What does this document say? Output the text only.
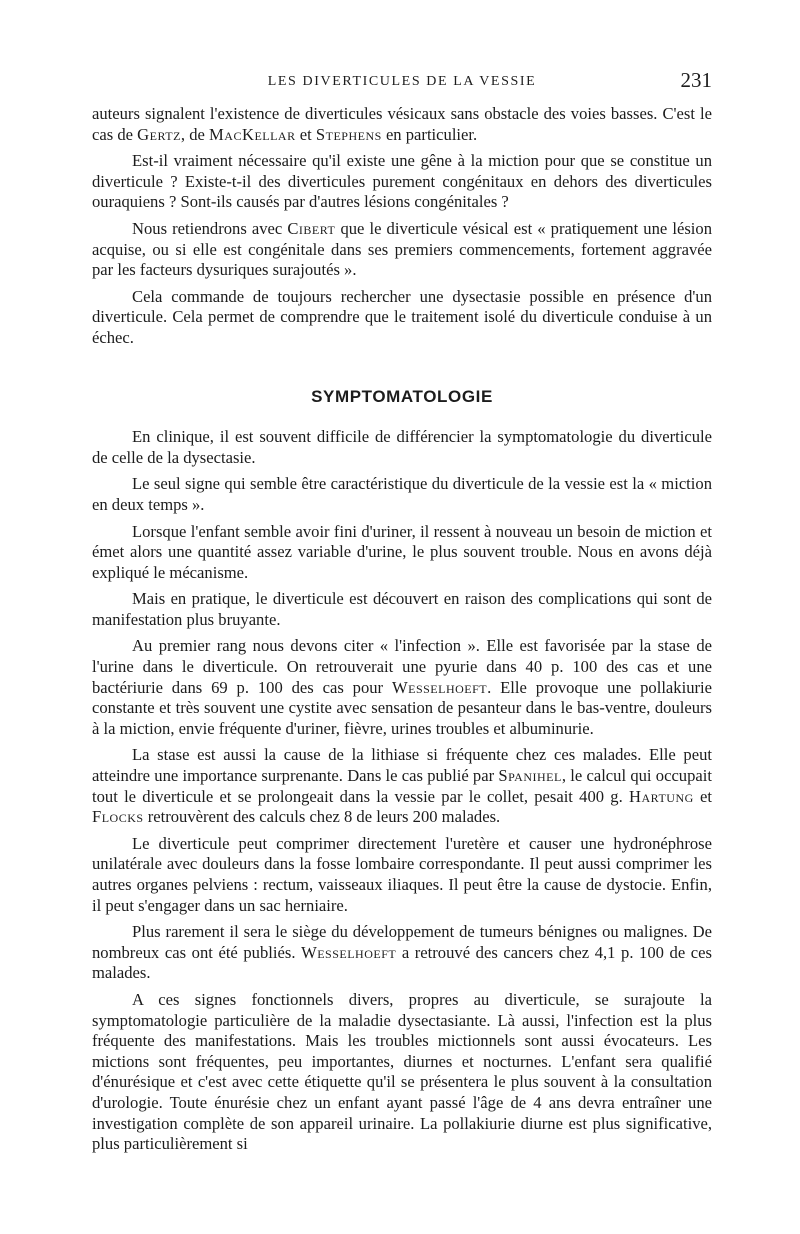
LES DIVERTICULES DE LA VESSIE	231

auteurs signalent l'existence de diverticules vésicaux sans obstacle des voies basses. C'est le cas de Gertz, de MacKellar et Stephens en particulier.

Est-il vraiment nécessaire qu'il existe une gêne à la miction pour que se constitue un diverticule ? Existe-t-il des diverticules purement congénitaux en dehors des diverticules ouraquiens ? Sont-ils causés par d'autres lésions congénitales ?

Nous retiendrons avec Cibert que le diverticule vésical est « pratiquement une lésion acquise, ou si elle est congénitale dans ses premiers commencements, fortement aggravée par les facteurs dysuriques surajoutés ».

Cela commande de toujours rechercher une dysectasie possible en présence d'un diverticule. Cela permet de comprendre que le traitement isolé du diverticule conduise à un échec.

SYMPTOMATOLOGIE

En clinique, il est souvent difficile de différencier la symptomatologie du diverticule de celle de la dysectasie.

Le seul signe qui semble être caractéristique du diverticule de la vessie est la « miction en deux temps ».

Lorsque l'enfant semble avoir fini d'uriner, il ressent à nouveau un besoin de miction et émet alors une quantité assez variable d'urine, le plus souvent trouble. Nous en avons déjà expliqué le mécanisme.

Mais en pratique, le diverticule est découvert en raison des complications qui sont de manifestation plus bruyante.

Au premier rang nous devons citer « l'infection ». Elle est favorisée par la stase de l'urine dans le diverticule. On retrouverait une pyurie dans 40 p. 100 des cas et une bactériurie dans 69 p. 100 des cas pour Wesselhoeft. Elle provoque une pollakiurie constante et très souvent une cystite avec sensation de pesanteur dans le bas-ventre, douleurs à la miction, envie fréquente d'uriner, fièvre, urines troubles et albuminurie.

La stase est aussi la cause de la lithiase si fréquente chez ces malades. Elle peut atteindre une importance surprenante. Dans le cas publié par Spanihel, le calcul qui occupait tout le diverticule et se prolongeait dans la vessie par le collet, pesait 400 g. Hartung et Flocks retrouvèrent des calculs chez 8 de leurs 200 malades.

Le diverticule peut comprimer directement l'uretère et causer une hydronéphrose unilatérale avec douleurs dans la fosse lombaire correspondante. Il peut aussi comprimer les autres organes pelviens : rectum, vaisseaux iliaques. Il peut être la cause de dystocie. Enfin, il peut s'engager dans un sac herniaire.

Plus rarement il sera le siège du développement de tumeurs bénignes ou malignes. De nombreux cas ont été publiés. Wesselhoeft a retrouvé des cancers chez 4,1 p. 100 de ces malades.

A ces signes fonctionnels divers, propres au diverticule, se surajoute la symptomatologie particulière de la maladie dysectasiante. Là aussi, l'infection est la plus fréquente des manifestations. Mais les troubles mictionnels sont aussi évocateurs. Les mictions sont fréquentes, peu importantes, diurnes et nocturnes. L'enfant sera qualifié d'énurésique et c'est avec cette étiquette qu'il se présentera le plus souvent à la consultation d'urologie. Toute énurésie chez un enfant ayant passé l'âge de 4 ans devra entraîner une investigation complète de son appareil urinaire. La pollakiurie diurne est plus significative, plus particulièrement si
